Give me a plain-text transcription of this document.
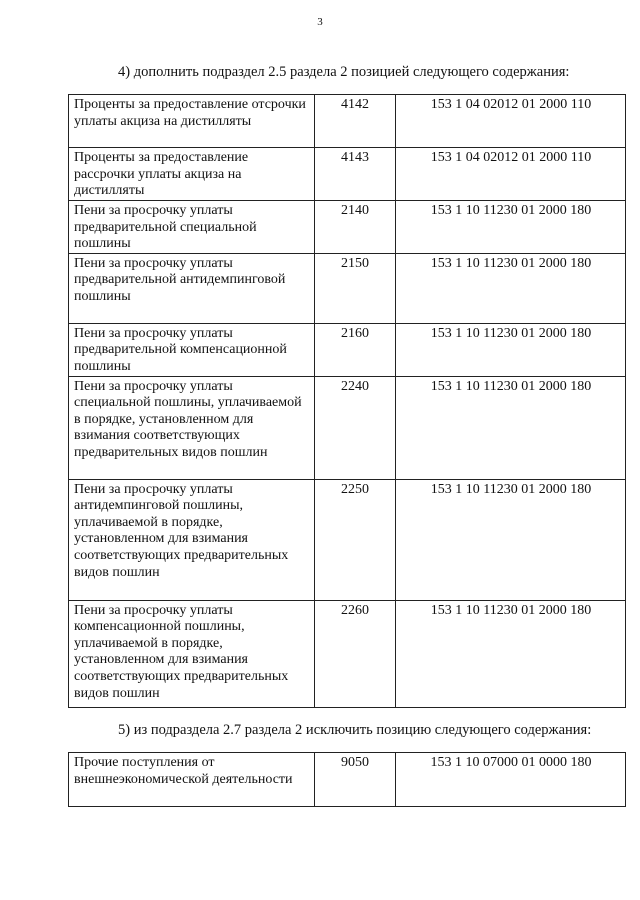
3
4) дополнить подраздел 2.5 раздела 2 позицией следующего содержания:
Проценты за предоставление отсрочки уплаты акциза на дистилляты	4142	153 1 04 02012 01 2000 110
Проценты за предоставление рассрочки уплаты акциза на дистилляты	4143	153 1 04 02012 01 2000 110
Пени за просрочку уплаты предварительной специальной пошлины	2140	153 1 10 11230 01 2000 180
Пени за просрочку уплаты предварительной антидемпинговой пошлины	2150	153 1 10 11230 01 2000 180
Пени за просрочку уплаты предварительной компенсационной пошлины	2160	153 1 10 11230 01 2000 180
Пени за просрочку уплаты специальной пошлины, уплачиваемой в порядке, установленном для взимания соответствующих предварительных видов пошлин	2240	153 1 10 11230 01 2000 180
Пени за просрочку уплаты антидемпинговой пошлины, уплачиваемой в порядке, установленном для взимания соответствующих предварительных видов пошлин	2250	153 1 10 11230 01 2000 180
Пени за просрочку уплаты компенсационной пошлины, уплачиваемой в порядке, установленном для взимания соответствующих предварительных видов пошлин	2260	153 1 10 11230 01 2000 180
5) из подраздела 2.7 раздела 2 исключить позицию следующего содержания:
Прочие поступления от внешнеэкономической деятельности	9050	153 1 10 07000 01 0000 180
